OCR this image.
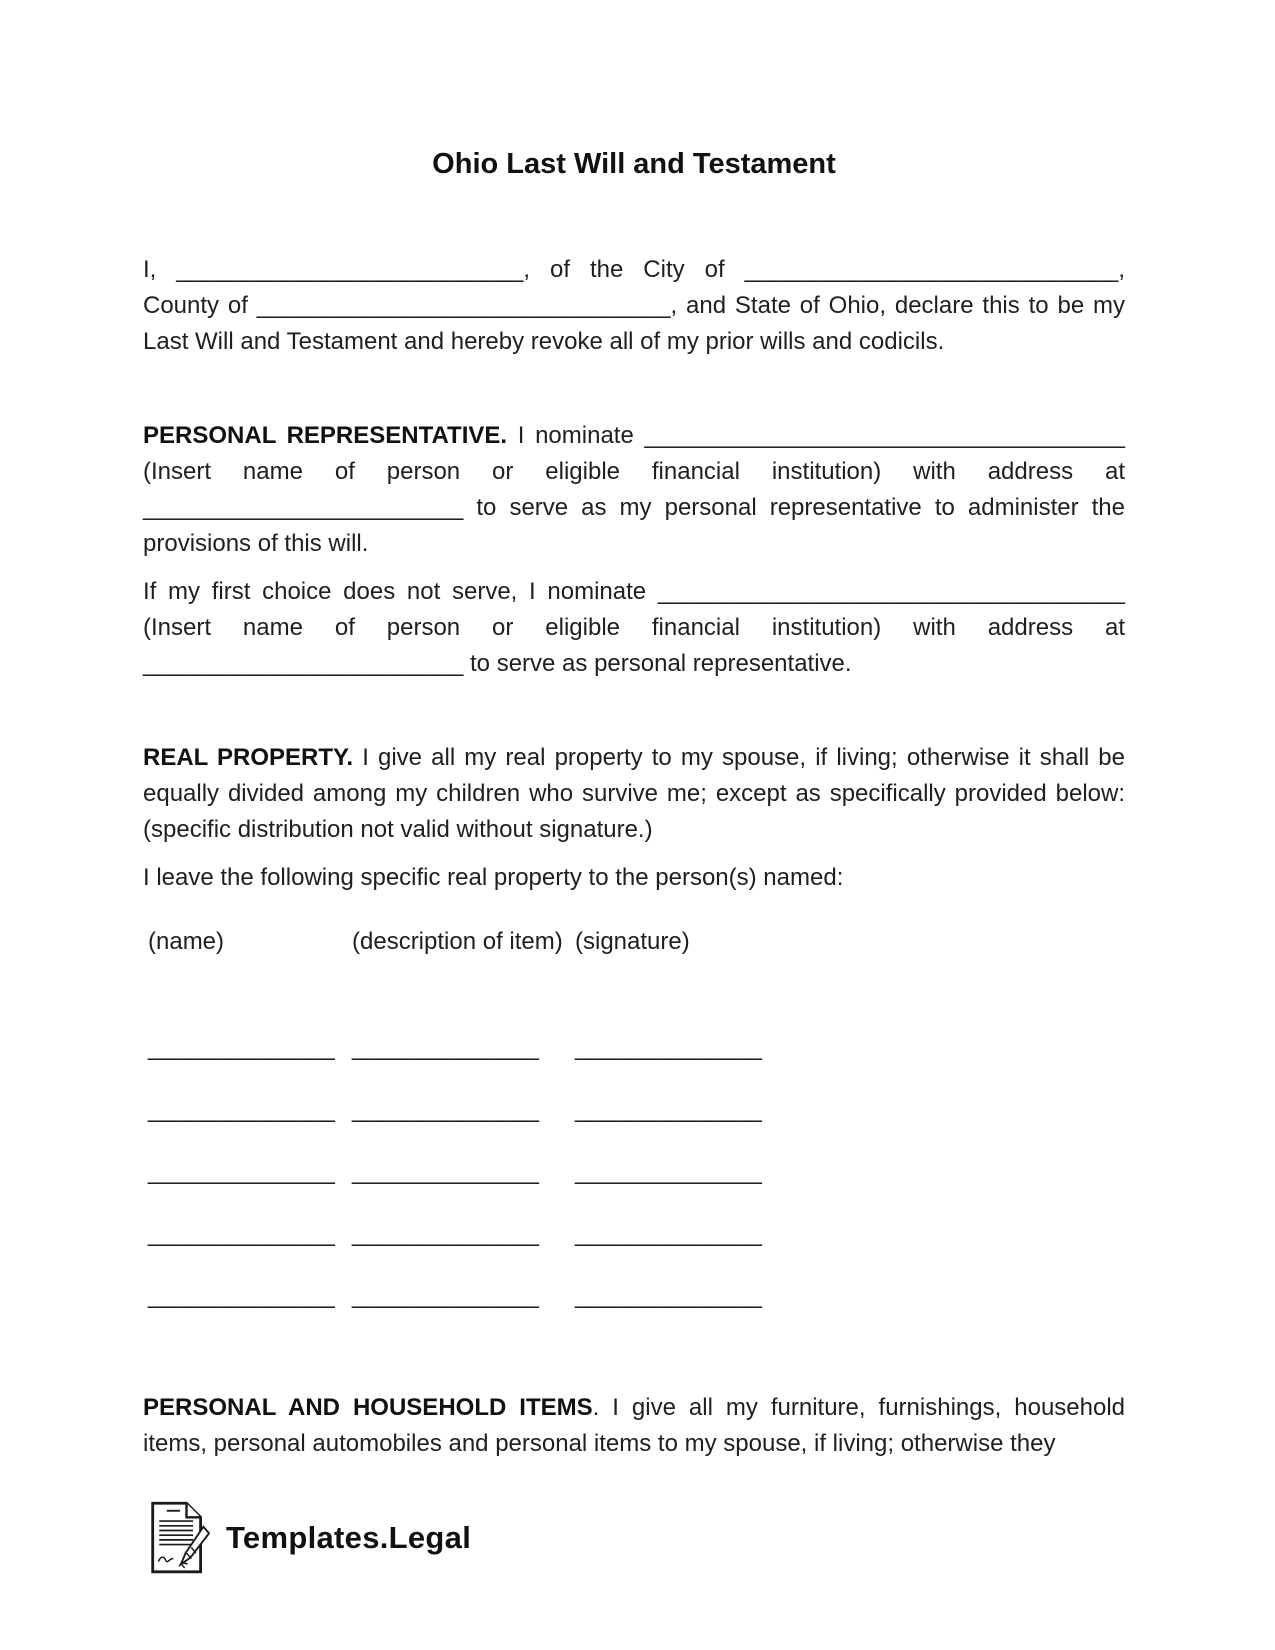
Ohio Last Will and Testament

I, __________________________, of the City of ____________________________, County of _______________________________, and State of Ohio, declare this to be my Last Will and Testament and hereby revoke all of my prior wills and codicils.

PERSONAL REPRESENTATIVE. I nominate ____________________________________ (Insert name of person or eligible financial institution) with address at ________________________ to serve as my personal representative to administer the provisions of this will.

If my first choice does not serve, I nominate ___________________________________ (Insert name of person or eligible financial institution) with address at ________________________ to serve as personal representative.

REAL PROPERTY. I give all my real property to my spouse, if living; otherwise it shall be equally divided among my children who survive me; except as specifically provided below: (specific distribution not valid without signature.)

I leave the following specific real property to the person(s) named:

(name)	(description of item) (signature)
______________ ______________	______________
______________ ______________	______________
______________ ______________	______________
______________ ______________	______________
______________ ______________	______________

PERSONAL AND HOUSEHOLD ITEMS. I give all my furniture, furnishings, household items, personal automobiles and personal items to my spouse, if living; otherwise they

Templates.Legal
